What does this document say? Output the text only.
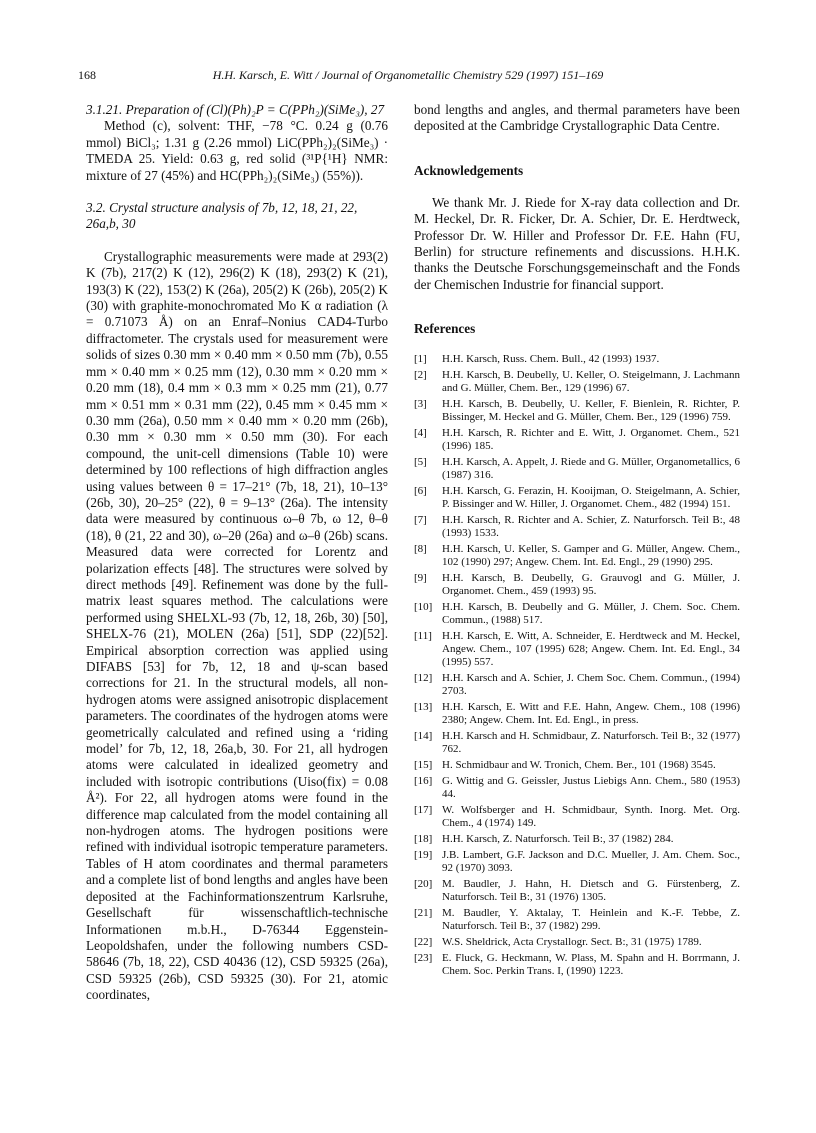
168	H.H. Karsch, E. Witt / Journal of Organometallic Chemistry 529 (1997) 151–169
3.1.21. Preparation of (Cl)(Ph)₂P = C(PPh₂)(SiMe₃), 27

Method (c), solvent: THF, −78 °C. 0.24 g (0.76 mmol) BiCl₃; 1.31 g (2.26 mmol) LiC(PPh₂)₂(SiMe₃) · TMEDA 25. Yield: 0.63 g, red solid (³¹P{¹H} NMR: mixture of 27 (45%) and HC(PPh₂)₂(SiMe₃) (55%)).

3.2. Crystal structure analysis of 7b, 12, 18, 21, 22, 26a,b, 30

Crystallographic measurements were made at 293(2) K (7b), 217(2) K (12), 296(2) K (18), 293(2) K (21), 193(3) K (22), 153(2) K (26a), 205(2) K (26b), 205(2) K (30) with graphite-monochromated Mo K α radiation (λ = 0.71073 Å) on an Enraf–Nonius CAD4-Turbo diffractometer. The crystals used for measurement were solids of sizes 0.30 mm × 0.40 mm × 0.50 mm (7b), 0.55 mm × 0.40 mm × 0.25 mm (12), 0.30 mm × 0.20 mm × 0.20 mm (18), 0.4 mm × 0.3 mm × 0.25 mm (21), 0.77 mm × 0.51 mm × 0.31 mm (22), 0.45 mm × 0.45 mm × 0.30 mm (26a), 0.50 mm × 0.40 mm × 0.20 mm (26b), 0.30 mm × 0.30 mm × 0.50 mm (30). For each compound, the unit-cell dimensions (Table 10) were determined by 100 reflections of high diffraction angles using values between θ = 17–21° (7b, 18, 21), 10–13° (26b, 30), 20–25° (22), θ = 9–13° (26a). The intensity data were measured by continuous ω–θ 7b, ω 12, θ–θ (18), θ (21, 22 and 30), ω–2θ (26a) and ω–θ (26b) scans. Measured data were corrected for Lorentz and polarization effects [48]. The structures were solved by direct methods [49]. Refinement was done by the full-matrix least squares method. The calculations were performed using SHELXL-93 (7b, 12, 18, 26b, 30) [50], SHELX-76 (21), MOLEN (26a) [51], SDP (22)[52]. Empirical absorption correction was applied using DIFABS [53] for 7b, 12, 18 and ψ-scan based corrections for 21. In the structural models, all non-hydrogen atoms were assigned anisotropic displacement parameters. The coordinates of the hydrogen atoms were geometrically calculated and refined using a ‘riding model’ for 7b, 12, 18, 26a,b, 30. For 21, all hydrogen atoms were calculated in idealized geometry and included with isotropic contributions (Uiso(fix) = 0.08 Å²). For 22, all hydrogen atoms were found in the difference map calculated from the model containing all non-hydrogen atoms. The hydrogen positions were refined with individual isotropic temperature parameters. Tables of H atom coordinates and thermal parameters and a complete list of bond lengths and angles have been deposited at the Fachinformationszentrum Karlsruhe, Gesellschaft für wissenschaftlich-technische Informationen m.b.H., D-76344 Eggenstein-Leopoldshafen, under the following numbers CSD-58646 (7b, 18, 22), CSD 40436 (12), CSD 59325 (26a), CSD 59325 (26b), CSD 59325 (30). For 21, atomic coordinates,

bond lengths and angles, and thermal parameters have been deposited at the Cambridge Crystallographic Data Centre.

Acknowledgements

We thank Mr. J. Riede for X-ray data collection and Dr. M. Heckel, Dr. R. Ficker, Dr. A. Schier, Dr. E. Herdtweck, Professor Dr. W. Hiller and Professor Dr. F.E. Hahn (FU, Berlin) for structure refinements and discussions. H.H.K. thanks the Deutsche Forschungsgemeinschaft and the Fonds der Chemischen Industrie for financial support.

References
[1] H.H. Karsch, Russ. Chem. Bull., 42 (1993) 1937.
[2] H.H. Karsch, B. Deubelly, U. Keller, O. Steigelmann, J. Lachmann and G. Müller, Chem. Ber., 129 (1996) 67.
[3] H.H. Karsch, B. Deubelly, U. Keller, F. Bienlein, R. Richter, P. Bissinger, M. Heckel and G. Müller, Chem. Ber., 129 (1996) 759.
[4] H.H. Karsch, R. Richter and E. Witt, J. Organomet. Chem., 521 (1996) 185.
[5] H.H. Karsch, A. Appelt, J. Riede and G. Müller, Organometallics, 6 (1987) 316.
[6] H.H. Karsch, G. Ferazin, H. Kooijman, O. Steigelmann, A. Schier, P. Bissinger and W. Hiller, J. Organomet. Chem., 482 (1994) 151.
[7] H.H. Karsch, R. Richter and A. Schier, Z. Naturforsch. Teil B:, 48 (1993) 1533.
[8] H.H. Karsch, U. Keller, S. Gamper and G. Müller, Angew. Chem., 102 (1990) 297; Angew. Chem. Int. Ed. Engl., 29 (1990) 295.
[9] H.H. Karsch, B. Deubelly, G. Grauvogl and G. Müller, J. Organomet. Chem., 459 (1993) 95.
[10] H.H. Karsch, B. Deubelly and G. Müller, J. Chem. Soc. Chem. Commun., (1988) 517.
[11] H.H. Karsch, E. Witt, A. Schneider, E. Herdtweck and M. Heckel, Angew. Chem., 107 (1995) 628; Angew. Chem. Int. Ed. Engl., 34 (1995) 557.
[12] H.H. Karsch and A. Schier, J. Chem Soc. Chem. Commun., (1994) 2703.
[13] H.H. Karsch, E. Witt and F.E. Hahn, Angew. Chem., 108 (1996) 2380; Angew. Chem. Int. Ed. Engl., in press.
[14] H.H. Karsch and H. Schmidbaur, Z. Naturforsch. Teil B:, 32 (1977) 762.
[15] H. Schmidbaur and W. Tronich, Chem. Ber., 101 (1968) 3545.
[16] G. Wittig and G. Geissler, Justus Liebigs Ann. Chem., 580 (1953) 44.
[17] W. Wolfsberger and H. Schmidbaur, Synth. Inorg. Met. Org. Chem., 4 (1974) 149.
[18] H.H. Karsch, Z. Naturforsch. Teil B:, 37 (1982) 284.
[19] J.B. Lambert, G.F. Jackson and D.C. Mueller, J. Am. Chem. Soc., 92 (1970) 3093.
[20] M. Baudler, J. Hahn, H. Dietsch and G. Fürstenberg, Z. Naturforsch. Teil B:, 31 (1976) 1305.
[21] M. Baudler, Y. Aktalay, T. Heinlein and K.-F. Tebbe, Z. Naturforsch. Teil B:, 37 (1982) 299.
[22] W.S. Sheldrick, Acta Crystallogr. Sect. B:, 31 (1975) 1789.
[23] E. Fluck, G. Heckmann, W. Plass, M. Spahn and H. Borrmann, J. Chem. Soc. Perkin Trans. I, (1990) 1223.
